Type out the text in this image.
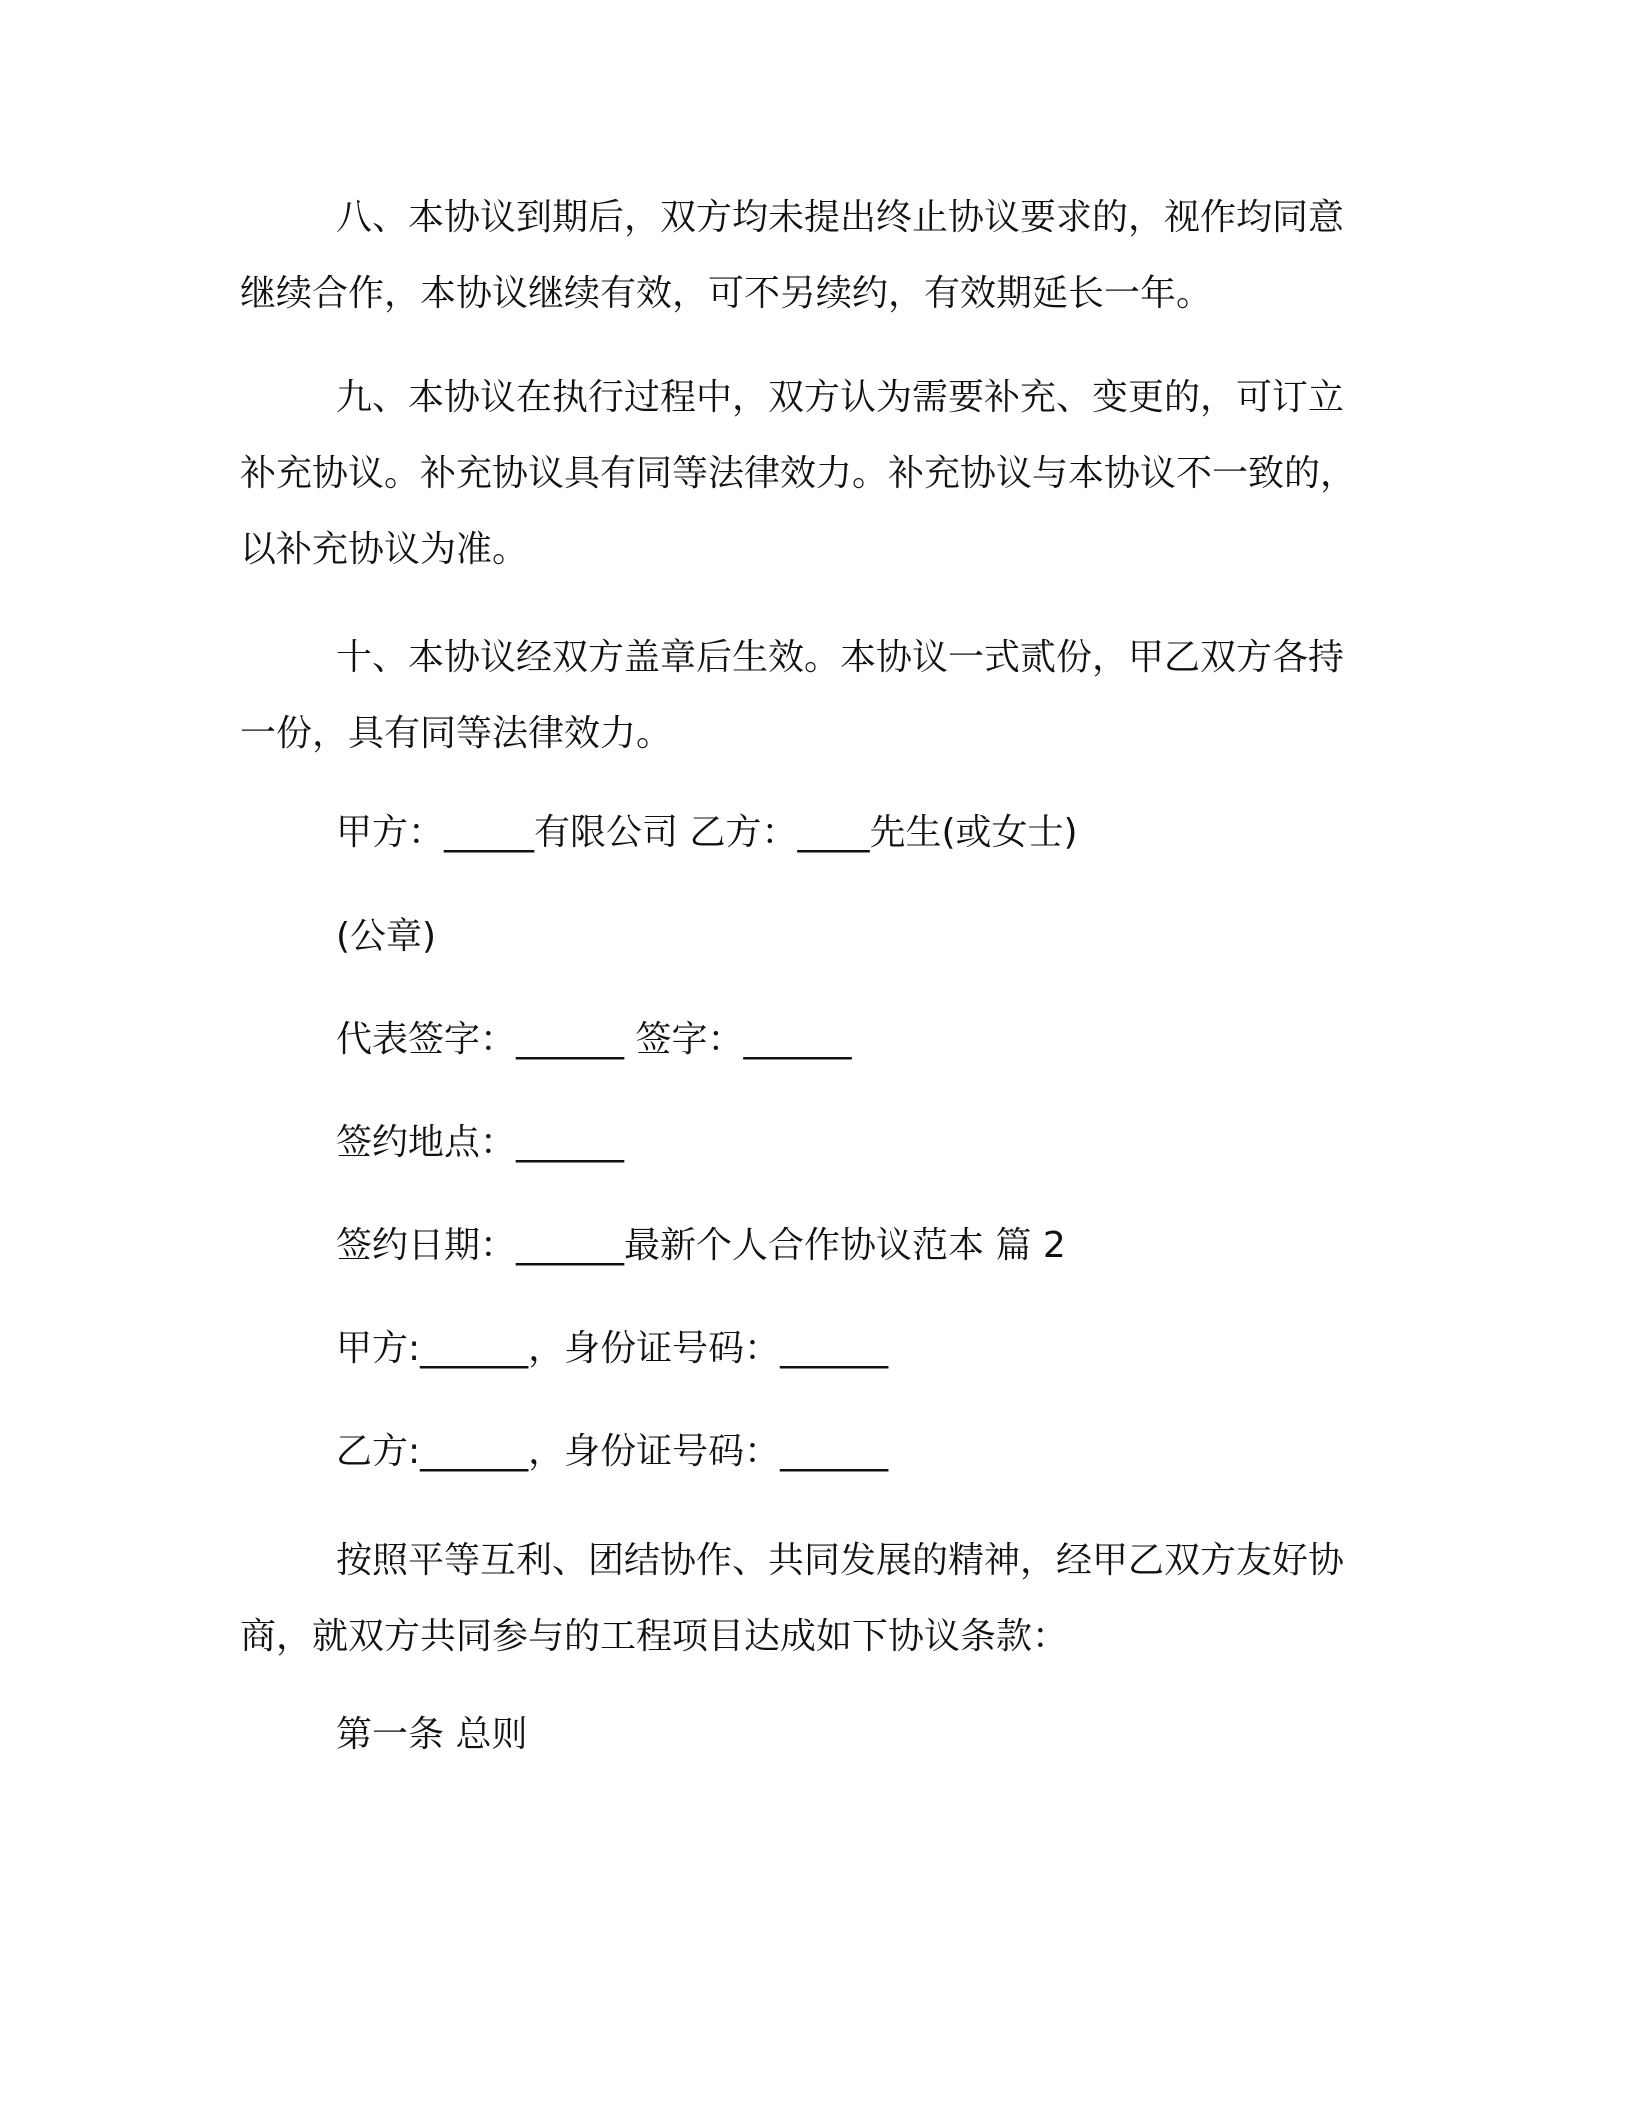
八、本协议到期后，双方均未提出终止协议要求的，视作均同意继续合作，本协议继续有效，可不另续约，有效期延长一年。
九、本协议在执行过程中，双方认为需要补充、变更的，可订立补充协议。补充协议具有同等法律效力。补充协议与本协议不一致的，以补充协议为准。
十、本协议经双方盖章后生效。本协议一式贰份，甲乙双方各持一份，具有同等法律效力。
甲方：_____有限公司 乙方：____先生(或女士)
(公章)
代表签字：______ 签字：______
签约地点：______
签约日期：______最新个人合作协议范本 篇 2
甲方:______，身份证号码：______
乙方:______，身份证号码：______
按照平等互利、团结协作、共同发展的精神，经甲乙双方友好协商，就双方共同参与的工程项目达成如下协议条款：
第一条 总则
